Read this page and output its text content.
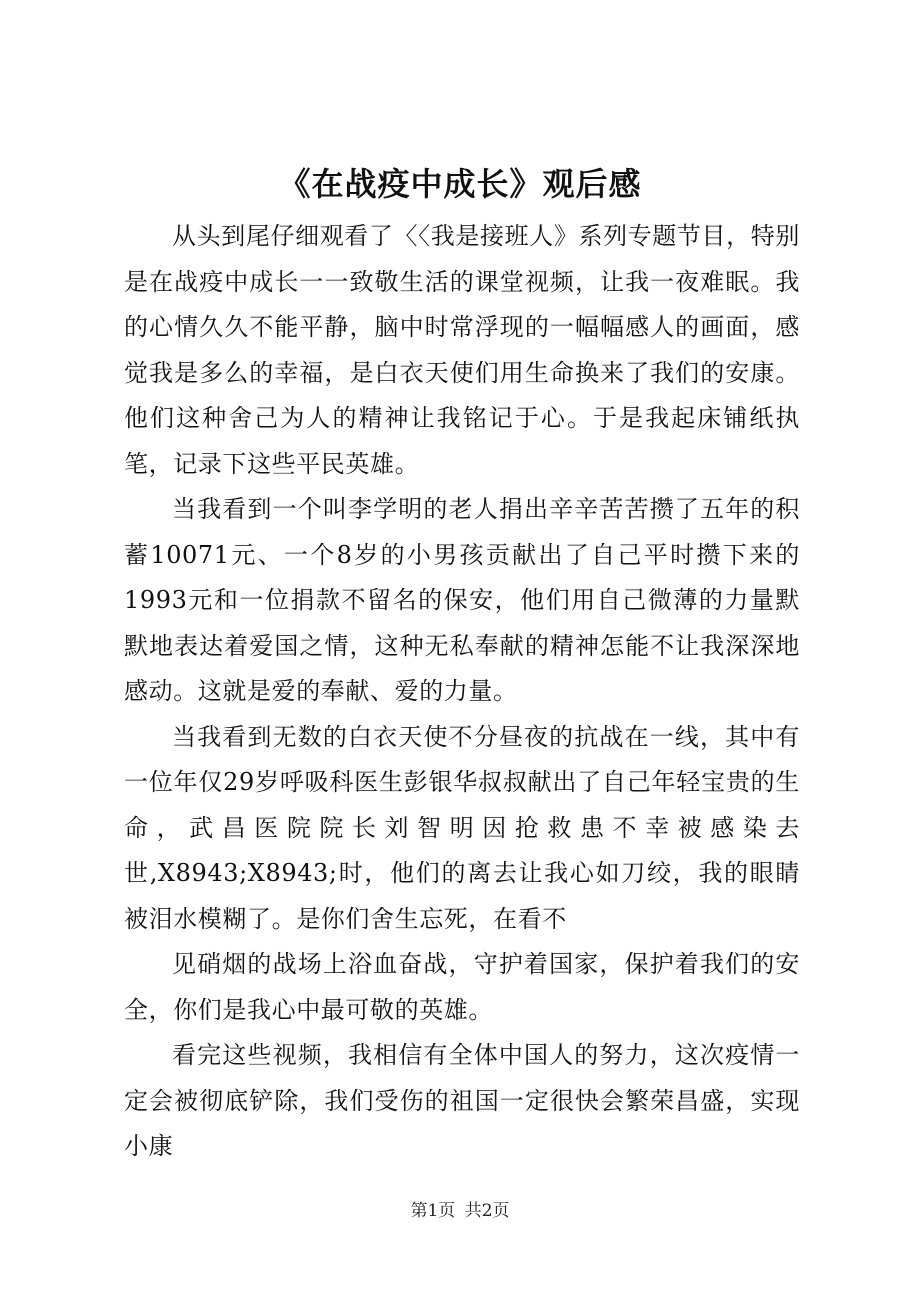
《在战疫中成长》观后感

从头到尾仔细观看了〈〈我是接班人》系列专题节目，特别是在战疫中成长一一致敬生活的课堂视频，让我一夜难眠。我的心情久久不能平静，脑中时常浮现的一幅幅感人的画面，感觉我是多么的幸福，是白衣天使们用生命换来了我们的安康。他们这种舍己为人的精神让我铭记于心。于是我起床铺纸执笔，记录下这些平民英雄。

当我看到一个叫李学明的老人捐出辛辛苦苦攒了五年的积蓄10071元、一个8岁的小男孩贡献出了自己平时攒下来的1993元和一位捐款不留名的保安，他们用自己微薄的力量默默地表达着爱国之情，这种无私奉献的精神怎能不让我深深地感动。这就是爱的奉献、爱的力量。

当我看到无数的白衣天使不分昼夜的抗战在一线，其中有一位年仅29岁呼吸科医生彭银华叔叔献出了自己年轻宝贵的生命，武昌医院院长刘智明因抢救患不幸被感染去世,X8943;X8943;时，他们的离去让我心如刀绞，我的眼睛被泪水模糊了。是你们舍生忘死，在看不

见硝烟的战场上浴血奋战，守护着国家，保护着我们的安全，你们是我心中最可敬的英雄。

看完这些视频，我相信有全体中国人的努力，这次疫情一定会被彻底铲除，我们受伤的祖国一定很快会繁荣昌盛，实现小康

第1页 共2页
